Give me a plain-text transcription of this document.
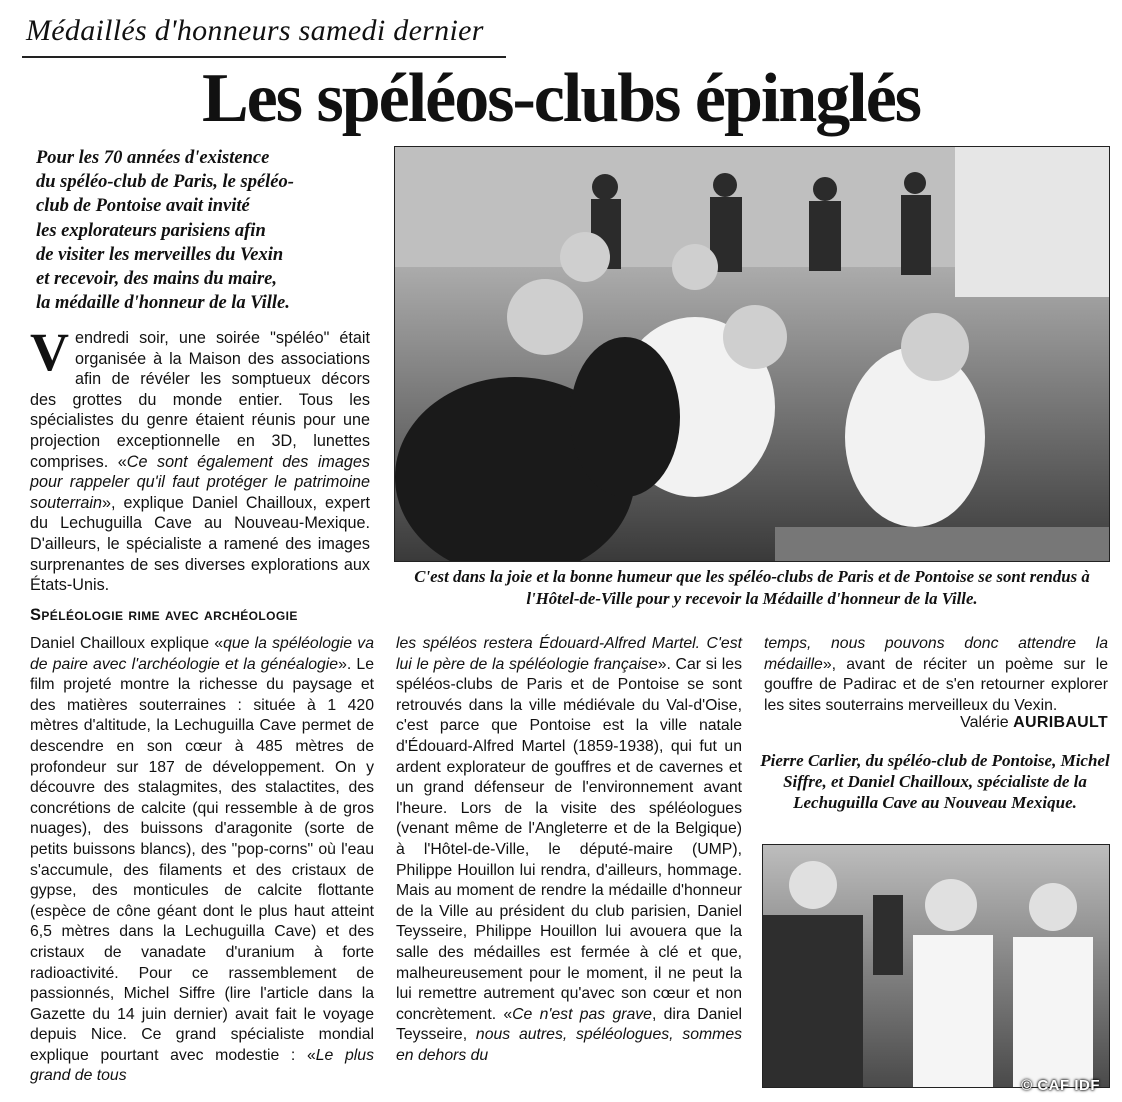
Médaillés d'honneurs samedi dernier
Les spéléos-clubs épinglés
Pour les 70 années d'existence
du spéléo-club de Paris, le spéléo-
club de Pontoise avait invité
les explorateurs parisiens afin
de visiter les merveilles du Vexin
et recevoir, des mains du maire,
la médaille d'honneur de la Ville.
C'est dans la joie et la bonne humeur que les spéléo-clubs de Paris et de Pontoise se sont rendus à l'Hôtel-de-Ville pour y recevoir la Médaille d'honneur de la Ville.

Vendredi soir, une soirée "spéléo" était organisée à la Maison des associations afin de révéler les somptueux décors des grottes du monde entier. Tous les spécialistes du genre étaient réunis pour une projection exceptionnelle en 3D, lunettes comprises. «Ce sont également des images pour rappeler qu'il faut protéger le patrimoine souterrain», explique Daniel Chailloux, expert du Lechuguilla Cave au Nouveau-Mexique. D'ailleurs, le spécialiste a ramené des images surprenantes de ses diverses explorations aux États-Unis.

Spéléologie rime avec archéologie

Daniel Chailloux explique «que la spéléologie va de paire avec l'archéologie et la généalogie». Le film projeté montre la richesse du paysage et des matières souterraines : située à 1 420 mètres d'altitude, la Lechuguilla Cave permet de descendre en son cœur à 485 mètres de profondeur sur 187 de développement. On y découvre des stalagmites, des stalactites, des concrétions de calcite (qui ressemble à de gros nuages), des buissons d'aragonite (sorte de petits buissons blancs), des "pop-corns" où l'eau s'accumule, des filaments et des cristaux de gypse, des monticules de calcite flottante (espèce de cône géant dont le plus haut atteint 6,5 mètres dans la Lechuguilla Cave) et des cristaux de vanadate d'uranium à forte radioactivité. Pour ce rassemblement de passionnés, Michel Siffre (lire l'article dans la Gazette du 14 juin dernier) avait fait le voyage depuis Nice. Ce grand spécialiste mondial explique pourtant avec modestie : «Le plus grand de tous

les spéléos restera Édouard-Alfred Martel. C'est lui le père de la spéléologie française». Car si les spéléos-clubs de Paris et de Pontoise se sont retrouvés dans la ville médiévale du Val-d'Oise, c'est parce que Pontoise est la ville natale d'Édouard-Alfred Martel (1859-1938), qui fut un ardent explorateur de gouffres et de cavernes et un grand défenseur de l'environnement avant l'heure. Lors de la visite des spéléologues (venant même de l'Angleterre et de la Belgique) à l'Hôtel-de-Ville, le député-maire (UMP), Philippe Houillon lui rendra, d'ailleurs, hommage. Mais au moment de rendre la médaille d'honneur de la Ville au président du club parisien, Daniel Teysseire, Philippe Houillon lui avouera que la salle des médailles est fermée à clé et que, malheureusement pour le moment, il ne peut la lui remettre autrement qu'avec son cœur et non concrètement. «Ce n'est pas grave, dira Daniel Teysseire, nous autres, spéléologues, sommes en dehors du

temps, nous pouvons donc attendre la médaille», avant de réciter un poème sur le gouffre de Padirac et de s'en retourner explorer les sites souterrains merveilleux du Vexin.

Valérie AURIBAULT
Pierre Carlier, du spéléo-club de Pontoise, Michel Siffre, et Daniel Chailloux, spécialiste de la Lechuguilla Cave au Nouveau Mexique.
© CAF IDF
